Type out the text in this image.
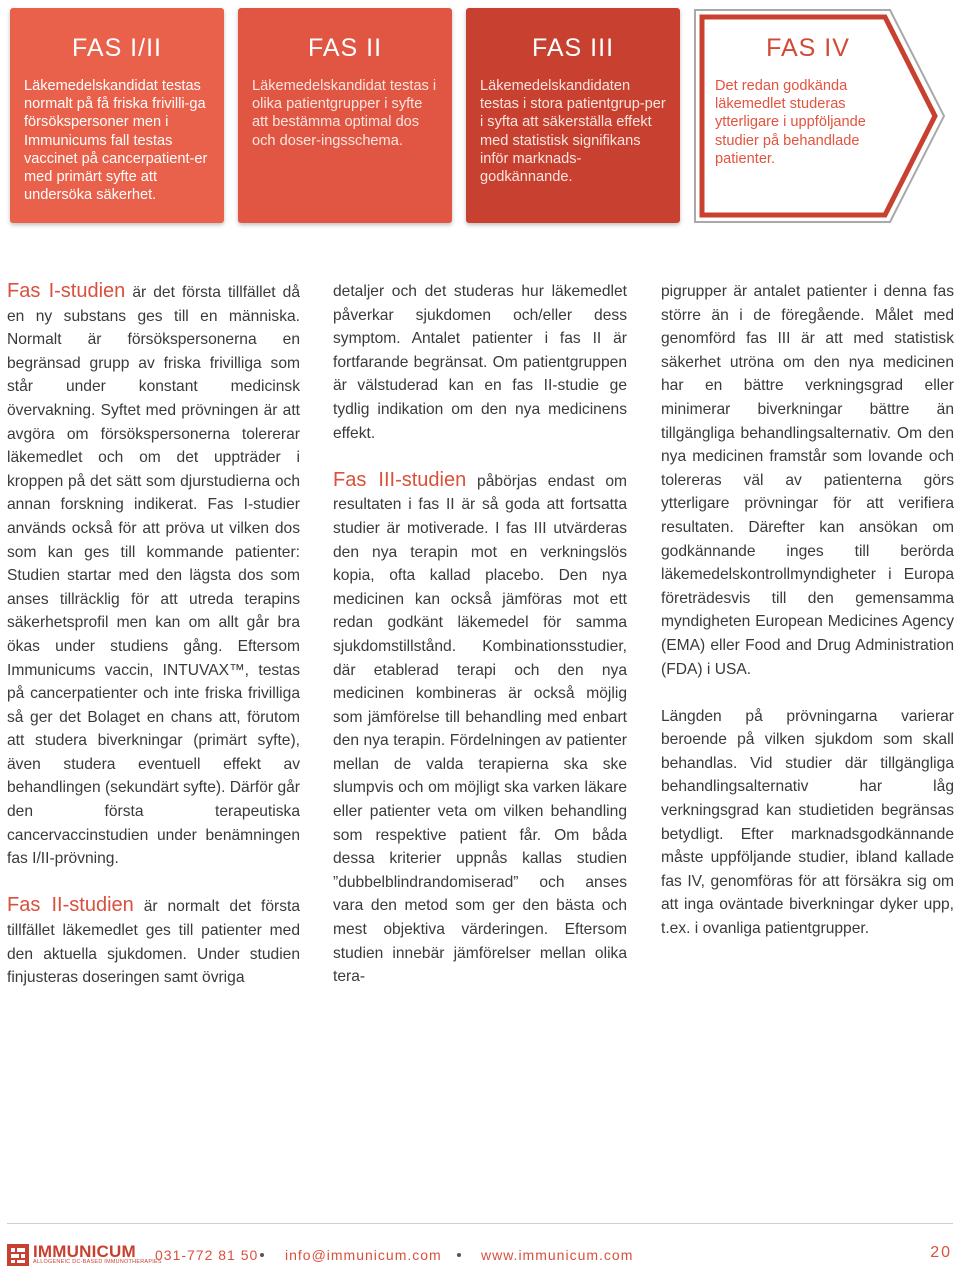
FAS I/II
Läkemedelskandidat testas normalt på få friska frivilli-ga försökspersoner men i Immunicums fall testas vaccinet på cancerpatient-er med primärt syfte att undersöka säkerhet.
FAS II
Läkemedelskandidat testas i olika patientgrupper i syfte att bestämma optimal dos och doser-ingsschema.
FAS III
Läkemedelskandidaten testas i stora patientgrup-per i syfta att säkerställa effekt med statistisk signifikans inför marknads-godkännande.
FAS IV
Det redan godkända läkemedlet studeras ytterligare i uppföljande studier på behandlade patienter.

Fas I-studien är det första tillfället då en ny substans ges till en människa. Normalt är försökspersonerna en begränsad grupp av friska frivilliga som står under konstant medicinsk övervakning. Syftet med prövningen är att avgöra om försökspersonerna tolererar läkemedlet och om det uppträder i kroppen på det sätt som djurstudierna och annan forskning indikerat. Fas I-studier används också för att pröva ut vilken dos som kan ges till kommande patienter: Studien startar med den lägsta dos som anses tillräcklig för att utreda terapins säkerhetsprofil men kan om allt går bra ökas under studiens gång. Eftersom Immunicums vaccin, INTUVAX™, testas på cancerpatienter och inte friska frivilliga så ger det Bolaget en chans att, förutom att studera biverkningar (primärt syfte), även studera eventuell effekt av behandlingen (sekundärt syfte). Därför går den första terapeutiska cancervaccinstudien under benämningen fas I/II-prövning.

Fas II-studien är normalt det första tillfället läkemedlet ges till patienter med den aktuella sjukdomen. Under studien finjusteras doseringen samt övriga

detaljer och det studeras hur läkemedlet påverkar sjukdomen och/eller dess symptom. Antalet patienter i fas II är fortfarande begränsat. Om patientgruppen är välstuderad kan en fas II-studie ge tydlig indikation om den nya medicinens effekt.

Fas III-studien påbörjas endast om resultaten i fas II är så goda att fortsatta studier är motiverade. I fas III utvärderas den nya terapin mot en verkningslös kopia, ofta kallad placebo. Den nya medicinen kan också jämföras mot ett redan godkänt läkemedel för samma sjukdomstillstånd. Kombinationsstudier, där etablerad terapi och den nya medicinen kombineras är också möjlig som jämförelse till behandling med enbart den nya terapin. Fördelningen av patienter mellan de valda terapierna ska ske slumpvis och om möjligt ska varken läkare eller patienter veta om vilken behandling som respektive patient får. Om båda dessa kriterier uppnås kallas studien ”dubbelblindrandomiserad” och anses vara den metod som ger den bästa och mest objektiva värderingen. Eftersom studien innebär jämförelser mellan olika tera-

pigrupper är antalet patienter i denna fas större än i de föregående. Målet med genomförd fas III är att med statistisk säkerhet utröna om den nya medicinen har en bättre verkningsgrad eller minimerar biverkningar bättre än tillgängliga behandlingsalternativ. Om den nya medicinen framstår som lovande och tolereras väl av patienterna görs ytterligare prövningar för att verifiera resultaten. Därefter kan ansökan om godkännande inges till berörda läkemedelskontrollmyndigheter i Europa företrädesvis till den gemensamma myndigheten European Medicines Agency (EMA) eller Food and Drug Administration (FDA) i USA.

Längden på prövningarna varierar beroende på vilken sjukdom som skall behandlas. Vid studier där tillgängliga behandlingsalternativ har låg verkningsgrad kan studietiden begränsas betydligt. Efter marknadsgodkännande måste uppföljande studier, ibland kallade fas IV, genomföras för att försäkra sig om att inga oväntade biverkningar dyker upp, t.ex. i ovanliga patientgrupper.

IMMUNICUM
ALLOGENEIC DC-BASED IMMUNOTHERAPIES
031-772 81 50 info@immunicum.com	www.immunicum.com	20
